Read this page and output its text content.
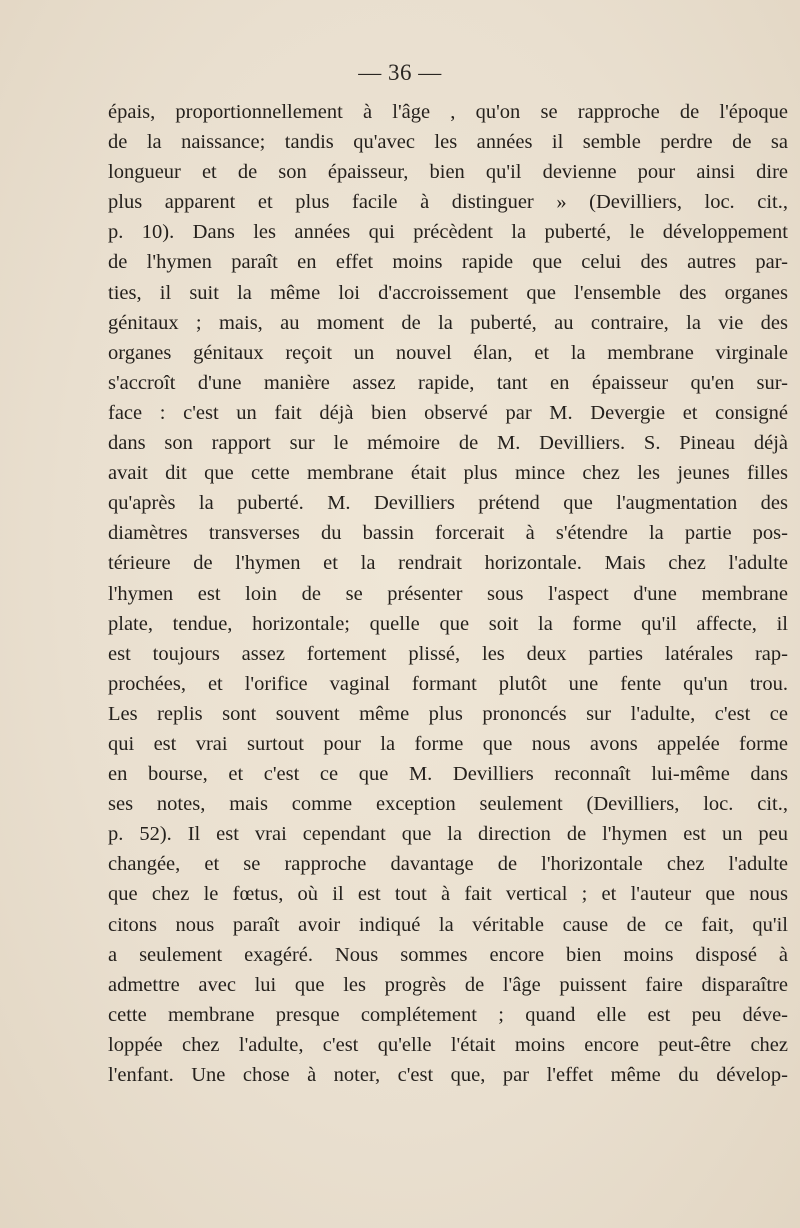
— 36 —
épais, proportionnellement à l'âge , qu'on se rapproche de l'époque
de la naissance; tandis qu'avec les années il semble perdre de sa
longueur et de son épaisseur, bien qu'il devienne pour ainsi dire
plus apparent et plus facile à distinguer » (Devilliers, loc. cit.,
p. 10). Dans les années qui précèdent la puberté, le développement
de l'hymen paraît en effet moins rapide que celui des autres par-
ties, il suit la même loi d'accroissement que l'ensemble des organes
génitaux ; mais, au moment de la puberté, au contraire, la vie des
organes génitaux reçoit un nouvel élan, et la membrane virginale
s'accroît d'une manière assez rapide, tant en épaisseur qu'en sur-
face : c'est un fait déjà bien observé par M. Devergie et consigné
dans son rapport sur le mémoire de M. Devilliers. S. Pineau déjà
avait dit que cette membrane était plus mince chez les jeunes filles
qu'après la puberté. M. Devilliers prétend que l'augmentation des
diamètres transverses du bassin forcerait à s'étendre la partie pos-
térieure de l'hymen et la rendrait horizontale. Mais chez l'adulte
l'hymen est loin de se présenter sous l'aspect d'une membrane
plate, tendue, horizontale; quelle que soit la forme qu'il affecte, il
est toujours assez fortement plissé, les deux parties latérales rap-
prochées, et l'orifice vaginal formant plutôt une fente qu'un trou.
Les replis sont souvent même plus prononcés sur l'adulte, c'est ce
qui est vrai surtout pour la forme que nous avons appelée forme
en bourse, et c'est ce que M. Devilliers reconnaît lui-même dans
ses notes, mais comme exception seulement (Devilliers, loc. cit.,
p. 52). Il est vrai cependant que la direction de l'hymen est un peu
changée, et se rapproche davantage de l'horizontale chez l'adulte
que chez le fœtus, où il est tout à fait vertical ; et l'auteur que nous
citons nous paraît avoir indiqué la véritable cause de ce fait, qu'il
a seulement exagéré. Nous sommes encore bien moins disposé à
admettre avec lui que les progrès de l'âge puissent faire disparaître
cette membrane presque complétement ; quand elle est peu déve-
loppée chez l'adulte, c'est qu'elle l'était moins encore peut-être chez
l'enfant. Une chose à noter, c'est que, par l'effet même du dévelop-
